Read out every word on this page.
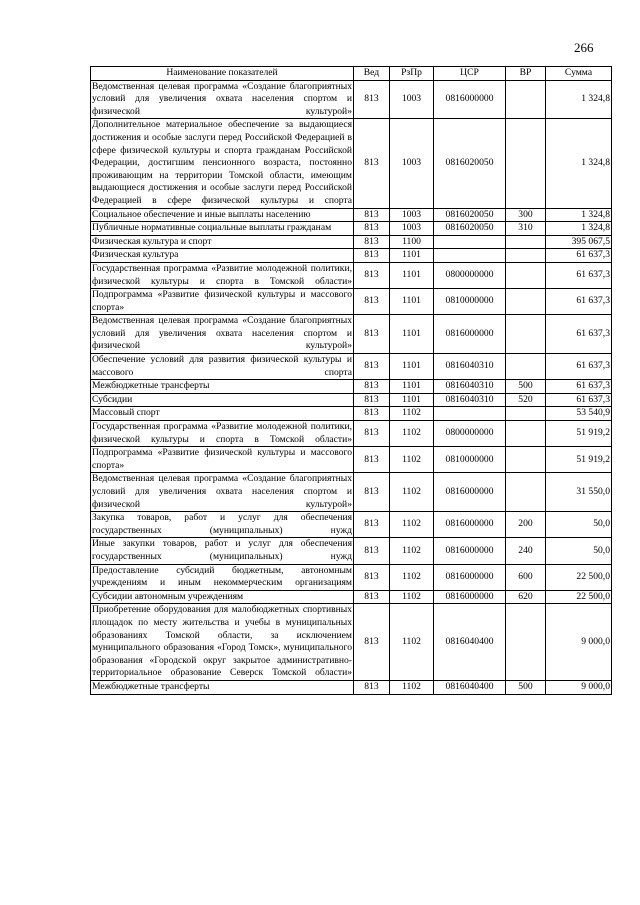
266
Наименование показателей	Вед	РзПр	ЦСР	ВР	Сумма
Ведомственная целевая программа «Создание благоприятных условий для увеличения охвата населения спортом и физической культурой»	813	1003	0816000000		1 324,8
Дополнительное материальное обеспечение за выдающиеся достижения и особые заслуги перед Российской Федерацией в сфере физической культуры и спорта гражданам Российской Федерации, достигшим пенсионного возраста, постоянно проживающим на территории Томской области, имеющим выдающиеся достижения и особые заслуги перед Российской Федерацией в сфере физической культуры и спорта	813	1003	0816020050		1 324,8
Социальное обеспечение и иные выплаты населению	813	1003	0816020050	300	1 324,8
Публичные нормативные социальные выплаты гражданам	813	1003	0816020050	310	1 324,8
Физическая культура и спорт	813	1100			395 067,5
Физическая культура	813	1101			61 637,3
Государственная программа «Развитие молодежной политики, физической культуры и спорта в Томской области»	813	1101	0800000000		61 637,3
Подпрограмма «Развитие физической культуры и массового спорта»	813	1101	0810000000		61 637,3
Ведомственная целевая программа «Создание благоприятных условий для увеличения охвата населения спортом и физической культурой»	813	1101	0816000000		61 637,3
Обеспечение условий для развития физической культуры и массового спорта	813	1101	0816040310		61 637,3
Межбюджетные трансферты	813	1101	0816040310	500	61 637,3
Субсидии	813	1101	0816040310	520	61 637,3
Массовый спорт	813	1102			53 540,9
Государственная программа «Развитие молодежной политики, физической культуры и спорта в Томской области»	813	1102	0800000000		51 919,2
Подпрограмма «Развитие физической культуры и массового спорта»	813	1102	0810000000		51 919,2
Ведомственная целевая программа «Создание благоприятных условий для увеличения охвата населения спортом и физической культурой»	813	1102	0816000000		31 550,0
Закупка товаров, работ и услуг для обеспечения государственных (муниципальных) нужд	813	1102	0816000000	200	50,0
Иные закупки товаров, работ и услуг для обеспечения государственных (муниципальных) нужд	813	1102	0816000000	240	50,0
Предоставление субсидий бюджетным, автономным учреждениям и иным некоммерческим организациям	813	1102	0816000000	600	22 500,0
Субсидии автономным учреждениям	813	1102	0816000000	620	22 500,0
Приобретение оборудования для малобюджетных спортивных площадок по месту жительства и учебы в муниципальных образованиях Томской области, за исключением муниципального образования «Город Томск», муниципального образования «Городской округ закрытое административно-территориальное образование Северск Томской области»	813	1102	0816040400		9 000,0
Межбюджетные трансферты	813	1102	0816040400	500	9 000,0
